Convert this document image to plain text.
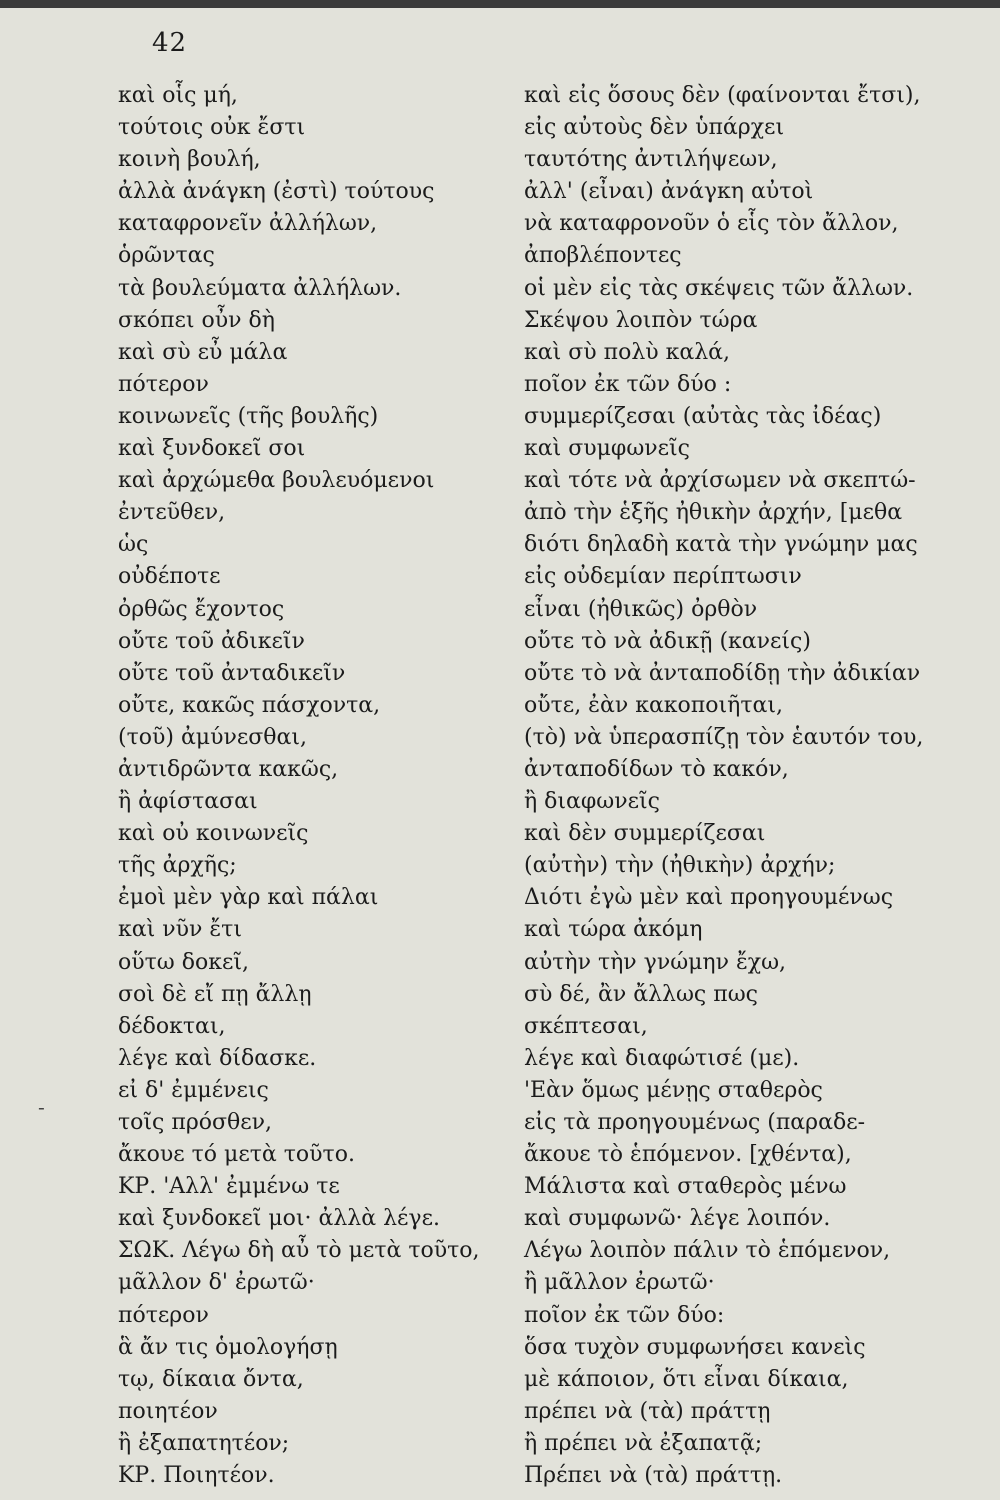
42
-
καὶ οἷς μή,
τούτοις οὐκ ἔστι
κοινὴ βουλή,
ἀλλὰ ἀνάγκη (ἐστὶ) τούτους
καταφρονεῖν ἀλλήλων,
ὁρῶντας
τὰ βουλεύματα ἀλλήλων.
σκόπει οὖν δὴ
καὶ σὺ εὖ μάλα
πότερον
κοινωνεῖς (τῆς βουλῆς)
καὶ ξυνδοκεῖ σοι
καὶ ἀρχώμεθα βουλευόμενοι
ἐντεῦθεν,
ὡς
οὐδέποτε
ὀρθῶς ἔχοντος
οὔτε τοῦ ἀδικεῖν
οὔτε τοῦ ἀνταδικεῖν
οὔτε, κακῶς πάσχοντα,
(τοῦ) ἀμύνεσθαι,
ἀντιδρῶντα κακῶς,
ἢ ἀφίστασαι
καὶ οὐ κοινωνεῖς
τῆς ἀρχῆς;
ἐμοὶ μὲν γὰρ καὶ πάλαι
καὶ νῦν ἔτι
οὕτω δοκεῖ,
σοὶ δὲ εἴ πῃ ἄλλῃ
δέδοκται,
λέγε καὶ δίδασκε.
εἰ δ' ἐμμένεις
τοῖς πρόσθεν,
ἄκουε τό μετὰ τοῦτο.
ΚΡ. 'Αλλ' ἐμμένω τε
καὶ ξυνδοκεῖ μοι· ἀλλὰ λέγε.
ΣΩΚ. Λέγω δὴ αὖ τὸ μετὰ τοῦτο,
μᾶλλον δ' ἐρωτῶ·
πότερον
ἃ ἄν τις ὁμολογήσῃ
τῳ, δίκαια ὄντα,
ποιητέον
ἢ ἐξαπατητέον;
ΚΡ. Ποιητέον.
καὶ εἰς ὅσους δὲν (φαίνονται ἔτσι),
εἰς αὐτοὺς δὲν ὑπάρχει
ταυτότης ἀντιλήψεων,
ἀλλ' (εἶναι) ἀνάγκη αὐτοὶ
νὰ καταφρονοῦν ὁ εἷς τὸν ἄλλον,
ἀποβλέποντες
οἱ μὲν εἰς τὰς σκέψεις τῶν ἄλλων.
Σκέψου λοιπὸν τώρα
καὶ σὺ πολὺ καλά,
ποῖον ἐκ τῶν δύο :
συμμερίζεσαι (αὐτὰς τὰς ἰδέας)
καὶ συμφωνεῖς
καὶ τότε νὰ ἀρχίσωμεν νὰ σκεπτώ-
ἀπὸ τὴν ἑξῆς ἠθικὴν ἀρχήν, [μεθα
διότι δηλαδὴ κατὰ τὴν γνώμην μας
εἰς οὐδεμίαν περίπτωσιν
εἶναι (ἠθικῶς) ὀρθὸν
οὔτε τὸ νὰ ἀδικῇ (κανείς)
οὔτε τὸ νὰ ἀνταποδίδῃ τὴν ἀδικίαν
οὔτε, ἐὰν κακοποιῆται,
(τὸ) νὰ ὑπερασπίζῃ τὸν ἑαυτόν του,
ἀνταποδίδων τὸ κακόν,
ἢ διαφωνεῖς
καὶ δὲν συμμερίζεσαι
(αὐτὴν) τὴν (ἠθικὴν) ἀρχήν;
Διότι ἐγὼ μὲν καὶ προηγουμένως
καὶ τώρα ἀκόμη
αὐτὴν τὴν γνώμην ἔχω,
σὺ δέ, ἂν ἄλλως πως
σκέπτεσαι,
λέγε καὶ διαφώτισέ (με).
'Εὰν ὅμως μένῃς σταθερὸς
εἰς τὰ προηγουμένως (παραδε-
ἄκουε τὸ ἑπόμενον. [χθέντα),
Μάλιστα καὶ σταθερὸς μένω
καὶ συμφωνῶ· λέγε λοιπόν.
Λέγω λοιπὸν πάλιν τὸ ἑπόμενον,
ἢ μᾶλλον ἐρωτῶ·
ποῖον ἐκ τῶν δύο:
ὅσα τυχὸν συμφωνήσει κανεὶς
μὲ κάποιον, ὅτι εἶναι δίκαια,
πρέπει νὰ (τὰ) πράττῃ
ἢ πρέπει νὰ ἐξαπατᾷ;
Πρέπει νὰ (τὰ) πράττῃ.
